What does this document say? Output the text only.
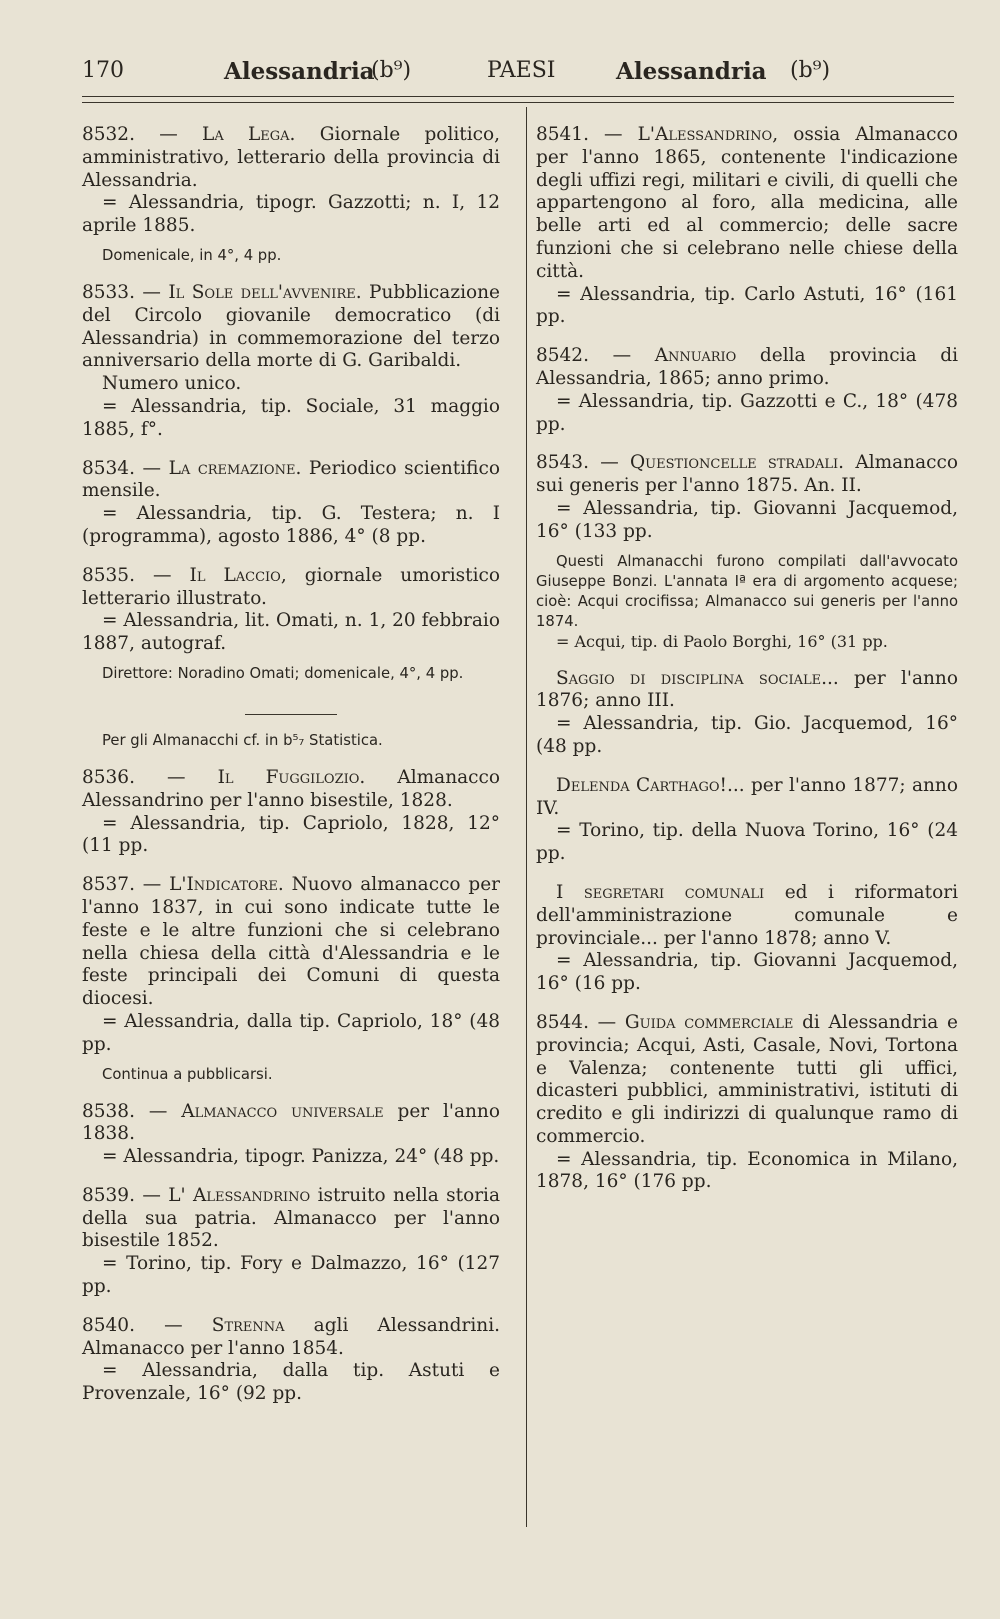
170	Alessandria
(b⁹)	PAESI	Alessandria (b⁹)

8532. — La Lega. Giornale politico, amministrativo, letterario della provincia di Alessandria.

= Alessandria, tipogr. Gazzotti; n. I, 12 aprile 1885.

Domenicale, in 4°, 4 pp.

8533. — Il Sole dell'avvenire. Pubblicazione del Circolo giovanile democratico (di Alessandria) in commemorazione del terzo anniversario della morte di G. Garibaldi.

Numero unico.

= Alessandria, tip. Sociale, 31 maggio 1885, f°.

8534. — La cremazione. Periodico scientifico mensile.

= Alessandria, tip. G. Testera; n. I (programma), agosto 1886, 4° (8 pp.

8535. — Il Laccio, giornale umoristico letterario illustrato.

= Alessandria, lit. Omati, n. 1, 20 febbraio 1887, autograf.

Direttore: Noradino Omati; domenicale, 4°, 4 pp.
Per gli Almanacchi cf. in b⁵₇ Statistica.

8536. — Il Fuggilozio. Almanacco Alessandrino per l'anno bisestile, 1828.

= Alessandria, tip. Capriolo, 1828, 12° (11 pp.

8537. — L'Indicatore. Nuovo almanacco per l'anno 1837, in cui sono indicate tutte le feste e le altre funzioni che si celebrano nella chiesa della città d'Alessandria e le feste principali dei Comuni di questa diocesi.

= Alessandria, dalla tip. Capriolo, 18° (48 pp.

Continua a pubblicarsi.

8538. — Almanacco universale per l'anno 1838.

= Alessandria, tipogr. Panizza, 24° (48 pp.

8539. — L' Alessandrino istruito nella storia della sua patria. Almanacco per l'anno bisestile 1852.

= Torino, tip. Fory e Dalmazzo, 16° (127 pp.

8540. — Strenna agli Alessandrini. Almanacco per l'anno 1854.

= Alessandria, dalla tip. Astuti e Provenzale, 16° (92 pp.

8541. — L'Alessandrino, ossia Almanacco per l'anno 1865, contenente l'indicazione degli uffizi regi, militari e civili, di quelli che appartengono al foro, alla medicina, alle belle arti ed al commercio; delle sacre funzioni che si celebrano nelle chiese della città.

= Alessandria, tip. Carlo Astuti, 16° (161 pp.

8542. — Annuario della provincia di Alessandria, 1865; anno primo.

= Alessandria, tip. Gazzotti e C., 18° (478 pp.

8543. — Questioncelle stradali. Almanacco sui generis per l'anno 1875. An. II.

= Alessandria, tip. Giovanni Jacquemod, 16° (133 pp.

Questi Almanacchi furono compilati dall'avvocato Giuseppe Bonzi. L'annata Iª era di argomento acquese; cioè: Acqui crocifissa; Almanacco sui generis per l'anno 1874.

= Acqui, tip. di Paolo Borghi, 16° (31 pp.

Saggio di disciplina sociale... per l'anno 1876; anno III.

= Alessandria, tip. Gio. Jacquemod, 16° (48 pp.

Delenda Carthago!... per l'anno 1877; anno IV.

= Torino, tip. della Nuova Torino, 16° (24 pp.

I segretari comunali ed i riformatori dell'amministrazione comunale e provinciale... per l'anno 1878; anno V.

= Alessandria, tip. Giovanni Jacquemod, 16° (16 pp.

8544. — Guida commerciale di Alessandria e provincia; Acqui, Asti, Casale, Novi, Tortona e Valenza; contenente tutti gli uffici, dicasteri pubblici, amministrativi, istituti di credito e gli indirizzi di qualunque ramo di commercio.

= Alessandria, tip. Economica in Milano, 1878, 16° (176 pp.
